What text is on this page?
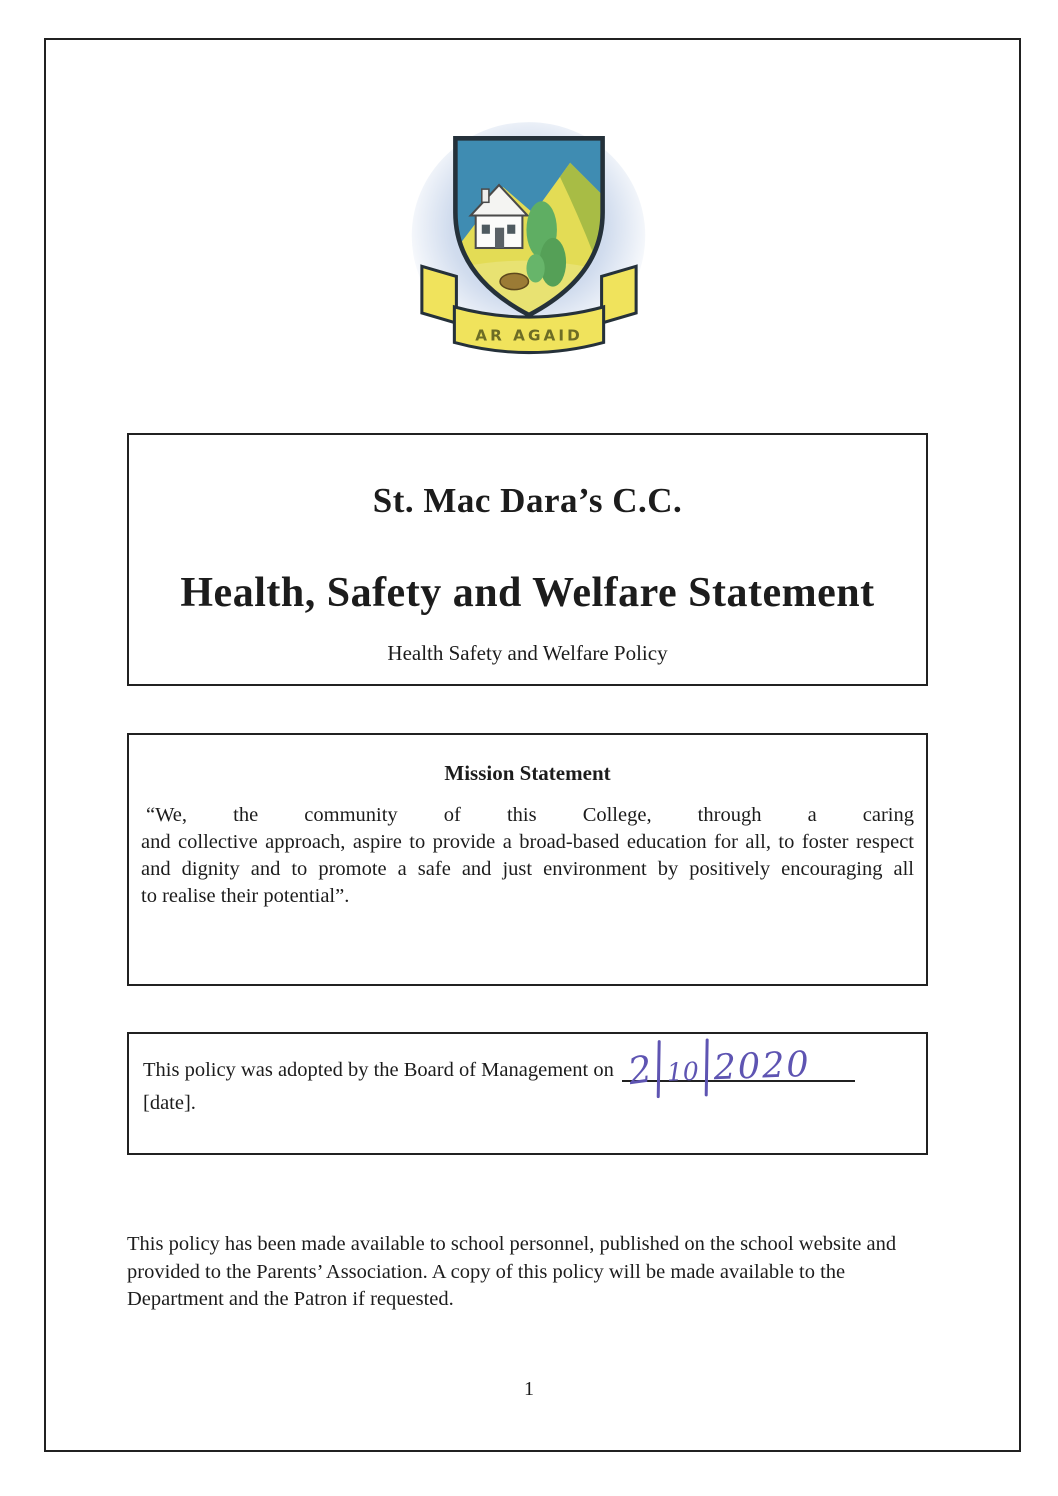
AR AGAID
St. Mac Dara’s C.C.
Health, Safety and Welfare Statement
Health Safety and Welfare Policy
Mission Statement
“We, the community of this College, through a caring
and collective approach, aspire to provide a broad-based education for all, to foster respect
and dignity and to promote a safe and just environment by positively encouraging all
to realise their potential”.
This policy was adopted by the Board of Management on 2 10 2020

[date].
This policy has been made available to school personnel, published on the school website and
provided to the Parents’ Association. A copy of this policy will be made available to the
Department and the Patron if requested.
1
